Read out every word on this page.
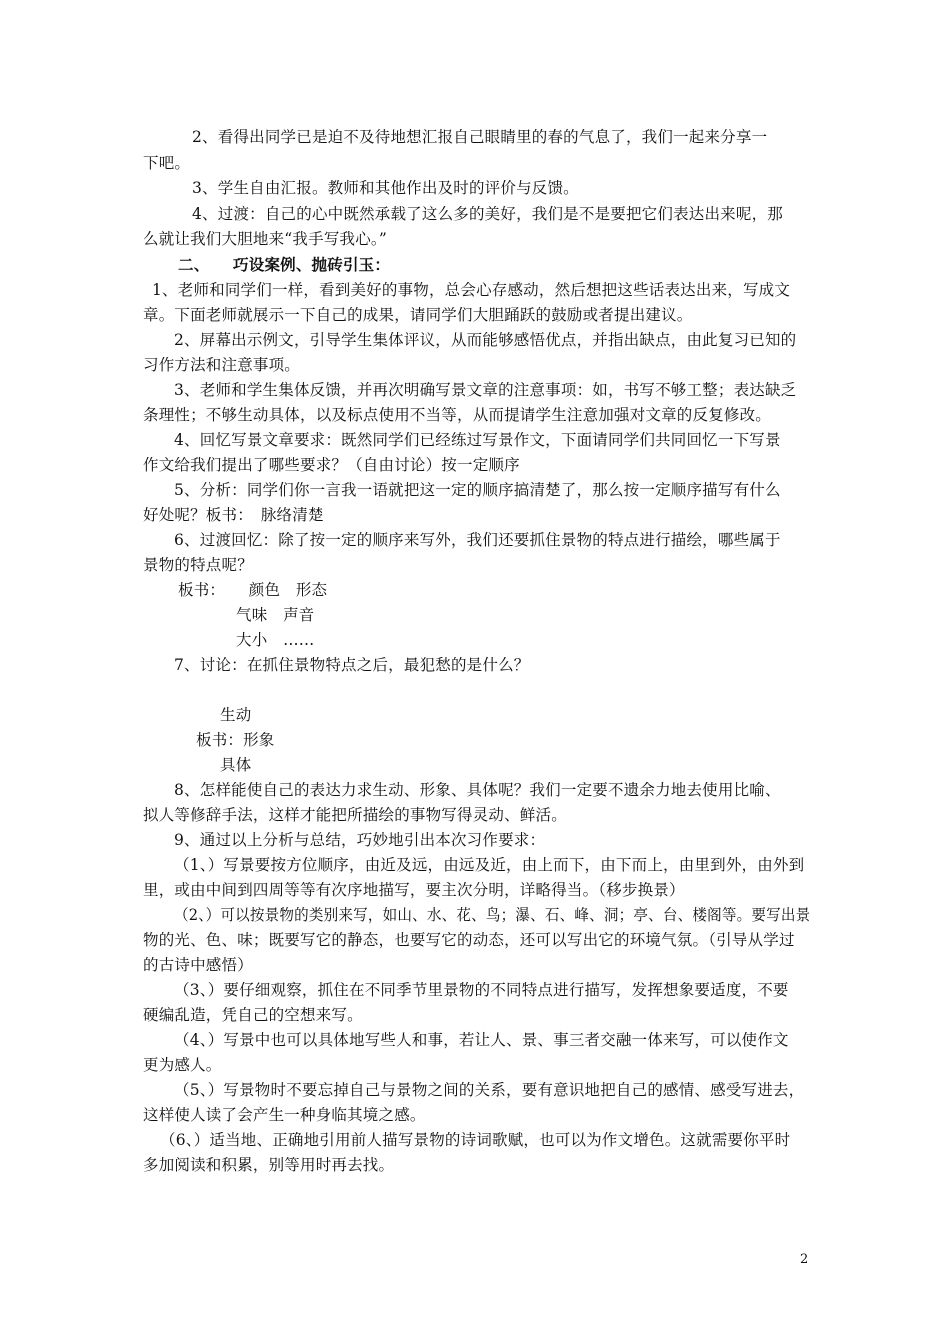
2、看得出同学已是迫不及待地想汇报自己眼睛里的春的气息了，我们一起来分享一
下吧。
3、学生自由汇报。教师和其他作出及时的评价与反馈。
4、过渡：自己的心中既然承载了这么多的美好，我们是不是要把它们表达出来呢，那
么就让我们大胆地来“我手写我心。”
二、　　巧设案例、抛砖引玉：
1、老师和同学们一样，看到美好的事物，总会心存感动，然后想把这些话表达出来，写成文
章。下面老师就展示一下自己的成果，请同学们大胆踊跃的鼓励或者提出建议。
2、屏幕出示例文，引导学生集体评议，从而能够感悟优点，并指出缺点，由此复习已知的
习作方法和注意事项。
3、老师和学生集体反馈，并再次明确写景文章的注意事项：如，书写不够工整；表达缺乏
条理性；不够生动具体，以及标点使用不当等，从而提请学生注意加强对文章的反复修改。
4、回忆写景文章要求：既然同学们已经练过写景作文，下面请同学们共同回忆一下写景
作文给我们提出了哪些要求？（自由讨论）按一定顺序
5、分析：同学们你一言我一语就把这一定的顺序搞清楚了，那么按一定顺序描写有什么
好处呢？板书：　脉络清楚
6、过渡回忆：除了按一定的顺序来写外，我们还要抓住景物的特点进行描绘，哪些属于
景物的特点呢？
板书：　　颜色　形态
气味　声音
大小　……
7、讨论：在抓住景物特点之后，最犯愁的是什么？
生动
板书：形象
具体
8、怎样能使自己的表达力求生动、形象、具体呢？我们一定要不遗余力地去使用比喻、
拟人等修辞手法，这样才能把所描绘的事物写得灵动、鲜活。
9、通过以上分析与总结，巧妙地引出本次习作要求：
（1、）写景要按方位顺序，由近及远，由远及近，由上而下，由下而上，由里到外，由外到
里，或由中间到四周等等有次序地描写，要主次分明，详略得当。（移步换景）
（2、）可以按景物的类别来写，如山、水、花、鸟；瀑、石、峰、洞；亭、台、楼阁等。要写出景
物的光、色、味；既要写它的静态，也要写它的动态，还可以写出它的环境气氛。（引导从学过
的古诗中感悟）
（3、）要仔细观察，抓住在不同季节里景物的不同特点进行描写，发挥想象要适度，不要
硬编乱造，凭自己的空想来写。
（4、）写景中也可以具体地写些人和事，若让人、景、事三者交融一体来写，可以使作文
更为感人。
（5、）写景物时不要忘掉自己与景物之间的关系，要有意识地把自己的感情、感受写进去，
这样使人读了会产生一种身临其境之感。
（6、）适当地、正确地引用前人描写景物的诗词歌赋，也可以为作文增色。这就需要你平时
多加阅读和积累，别等用时再去找。
2
